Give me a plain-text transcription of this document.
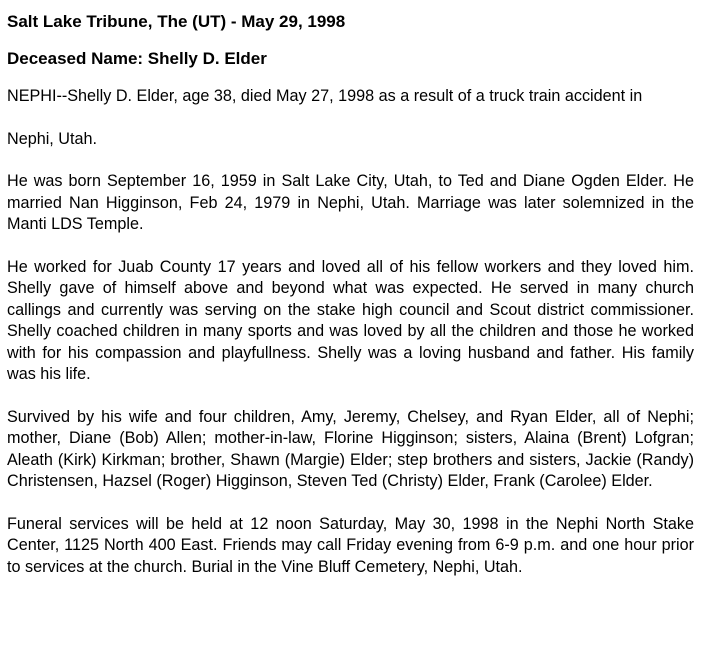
Salt Lake Tribune, The (UT) - May 29, 1998

Deceased Name: Shelly D. Elder

NEPHI--Shelly D. Elder, age 38, died May 27, 1998 as a result of a truck train accident in

Nephi, Utah.

He was born September 16, 1959 in Salt Lake City, Utah, to Ted and Diane Ogden Elder. He married Nan Higginson, Feb 24, 1979 in Nephi, Utah. Marriage was later solemnized in the Manti LDS Temple.

He worked for Juab County 17 years and loved all of his fellow workers and they loved him. Shelly gave of himself above and beyond what was expected. He served in many church callings and currently was serving on the stake high council and Scout district commissioner. Shelly coached children in many sports and was loved by all the children and those he worked with for his compassion and playfullness. Shelly was a loving husband and father. His family was his life.

Survived by his wife and four children, Amy, Jeremy, Chelsey, and Ryan Elder, all of Nephi; mother, Diane (Bob) Allen; mother-in-law, Florine Higginson; sisters, Alaina (Brent) Lofgran; Aleath (Kirk) Kirkman; brother, Shawn (Margie) Elder; step brothers and sisters, Jackie (Randy) Christensen, Hazsel (Roger) Higginson, Steven Ted (Christy) Elder, Frank (Carolee) Elder.

Funeral services will be held at 12 noon Saturday, May 30, 1998 in the Nephi North Stake Center, 1125 North 400 East. Friends may call Friday evening from 6-9 p.m. and one hour prior to services at the church. Burial in the Vine Bluff Cemetery, Nephi, Utah.
